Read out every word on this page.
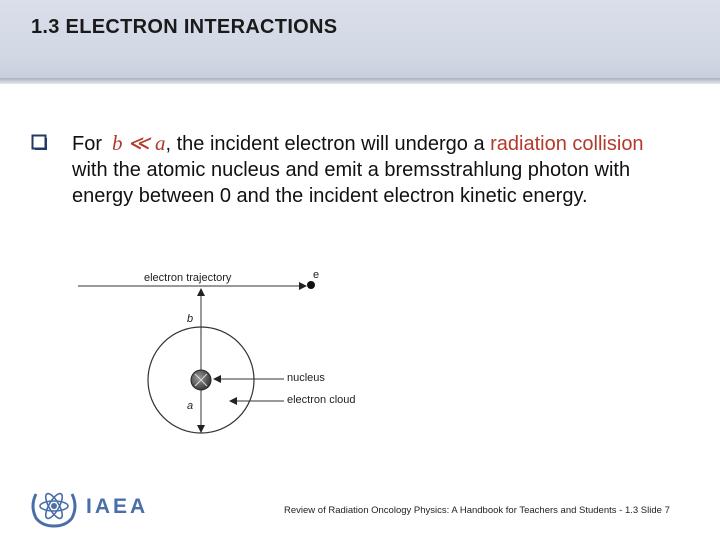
1.3 ELECTRON INTERACTIONS
For b ≪ a, the incident electron will undergo a radiation collision with the atomic nucleus and emit a bremsstrahlung photon with energy between 0 and the incident electron kinetic energy.
electron trajectory	e
b
a
nucleus
electron cloud
IAEA	Review of Radiation Oncology Physics: A Handbook for Teachers and Students - 1.3 Slide 7
